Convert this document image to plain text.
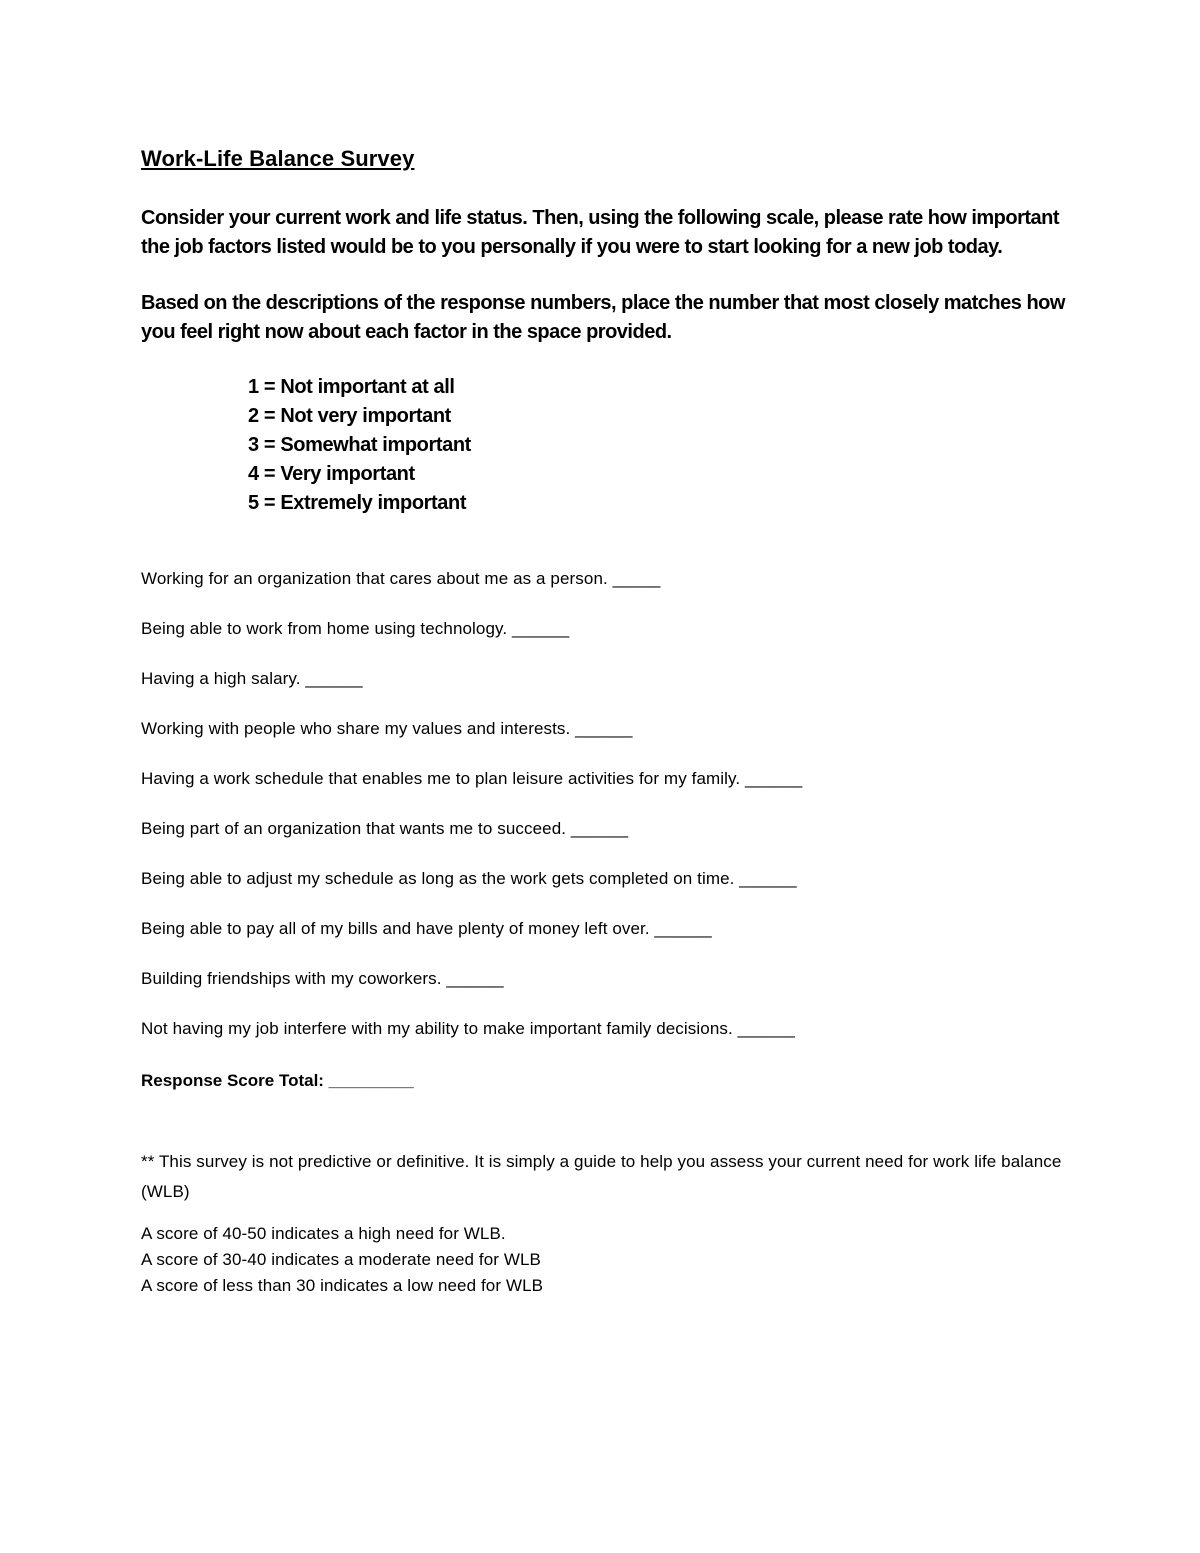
Work-Life Balance Survey

Consider your current work and life status. Then, using the following scale, please rate how important the job factors listed would be to you personally if you were to start looking for a new job today.

Based on the descriptions of the response numbers, place the number that most closely matches how you feel right now about each factor in the space provided.

1 = Not important at all
2 = Not very important
3 = Somewhat important
4 = Very important
5 = Extremely important

Working for an organization that cares about me as a person. _____

Being able to work from home using technology. ______

Having a high salary. ______

Working with people who share my values and interests. ______

Having a work schedule that enables me to plan leisure activities for my family. ______

Being part of an organization that wants me to succeed. ______

Being able to adjust my schedule as long as the work gets completed on time. ______

Being able to pay all of my bills and have plenty of money left over. ______

Building friendships with my coworkers. ______

Not having my job interfere with my ability to make important family decisions. ______

Response Score Total: _________

** This survey is not predictive or definitive. It is simply a guide to help you assess your current need for work life balance (WLB)

A score of 40-50 indicates a high need for WLB.
A score of 30-40 indicates a moderate need for WLB
A score of less than 30 indicates a low need for WLB
